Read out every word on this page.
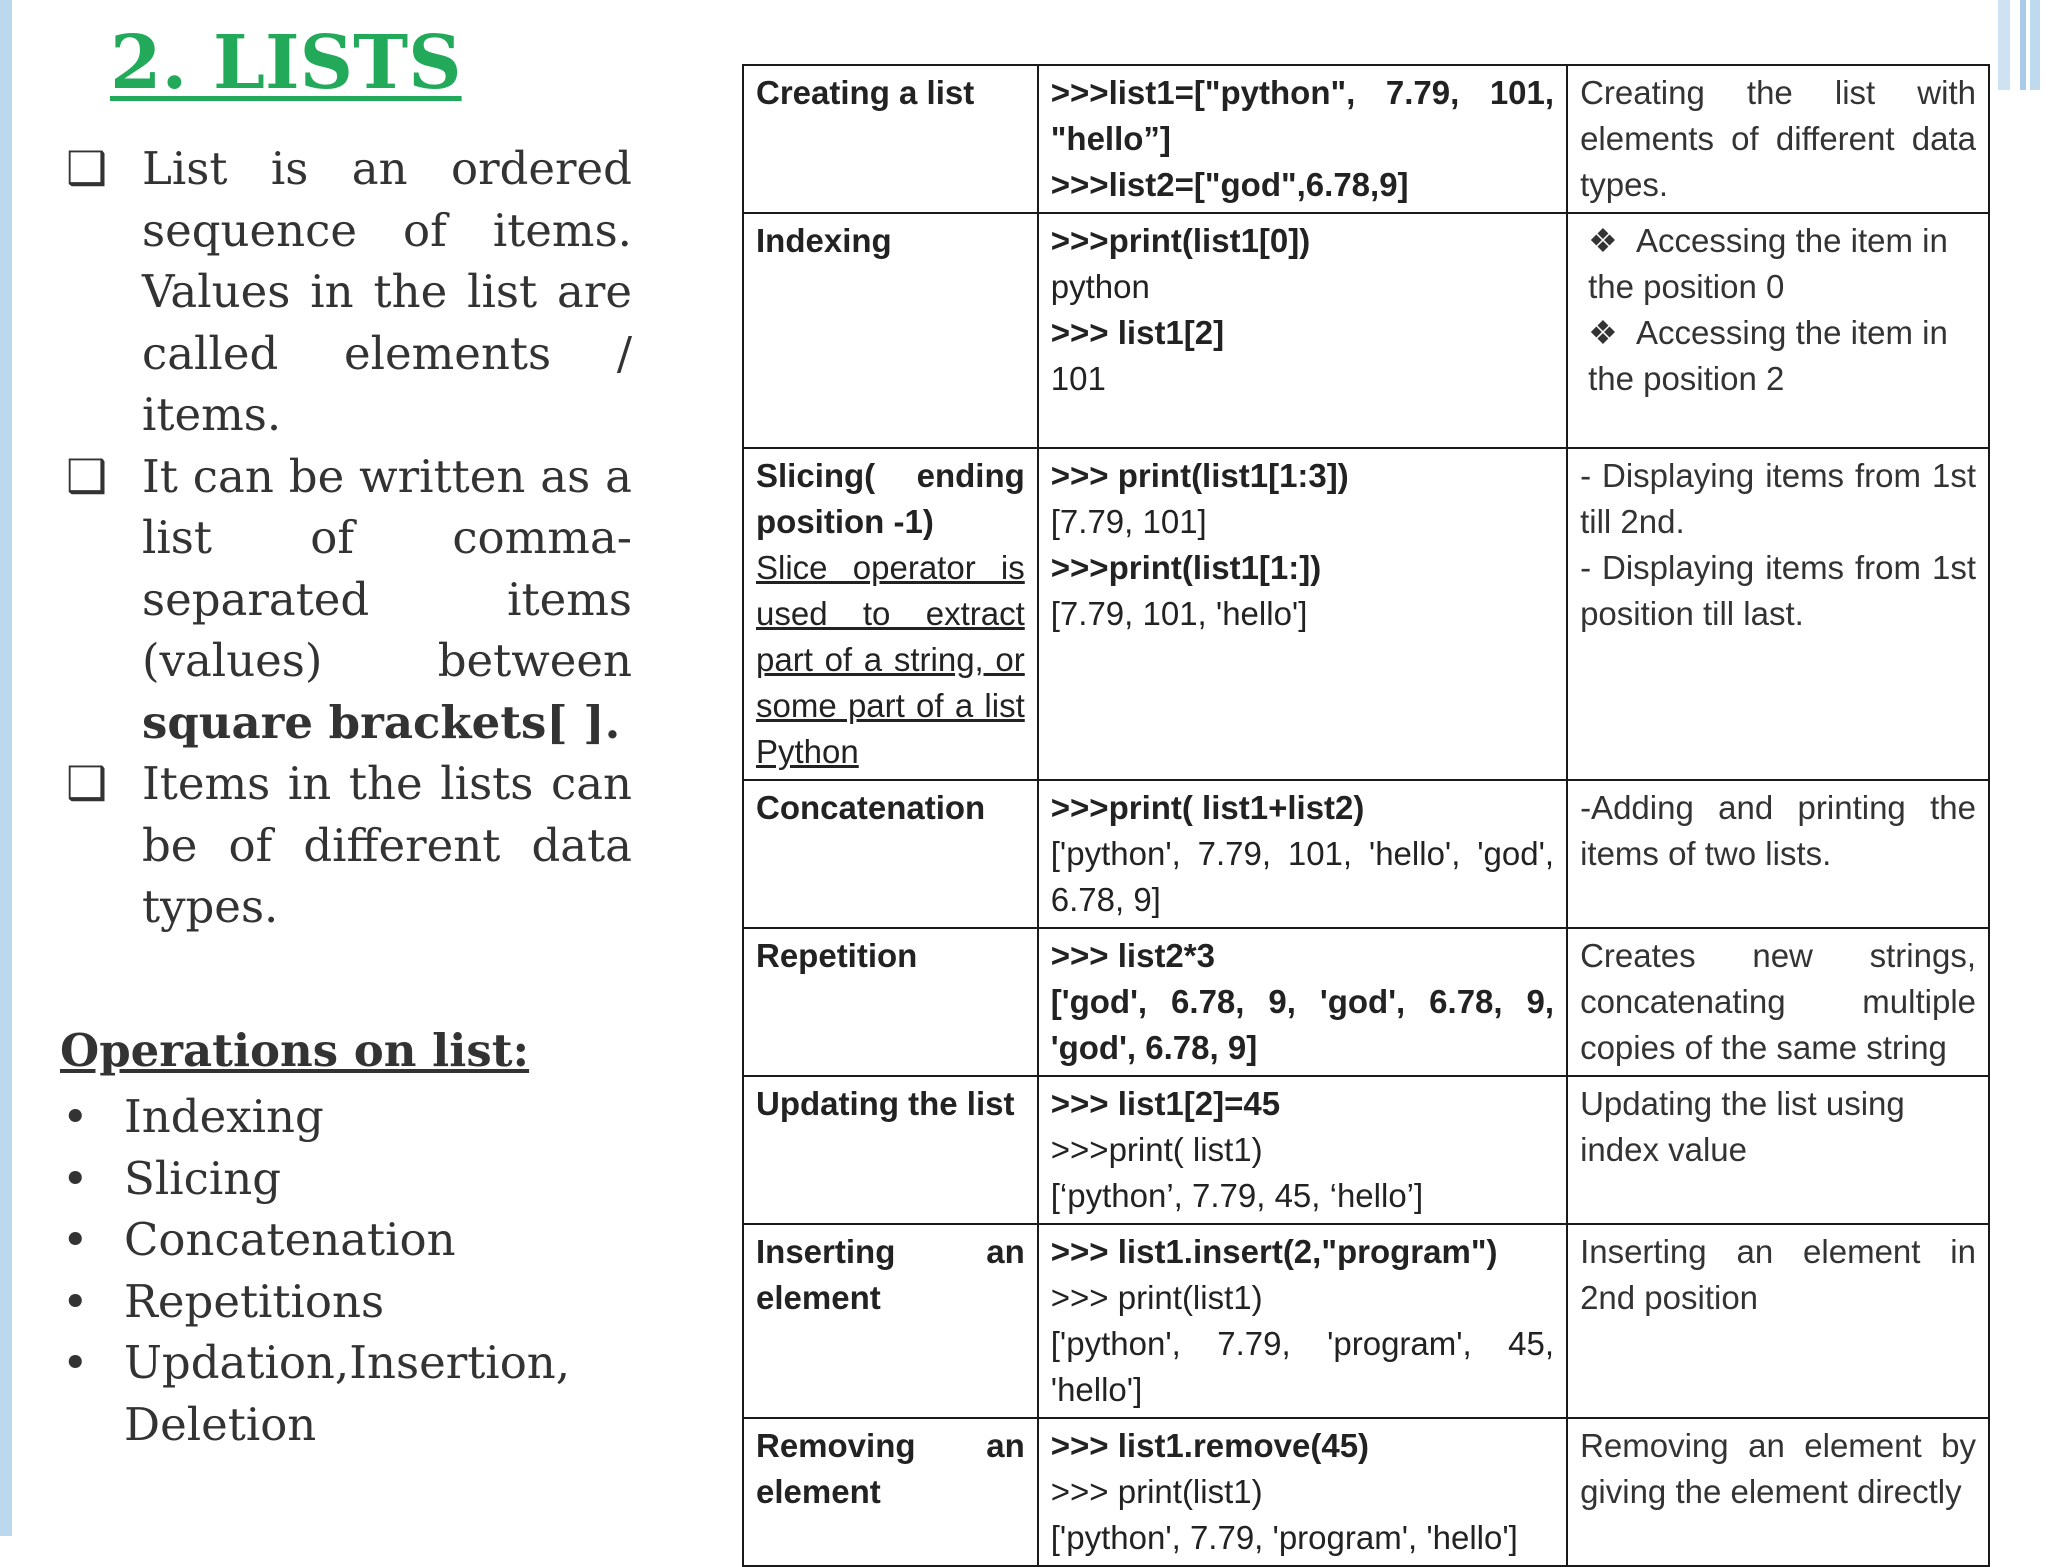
2. LISTS
❑ List is an ordered sequence of items. Values in the list are called elements / items.
❑ It can be written as a list of comma-separated items (values) between square brackets[ ].
❑ Items in the lists can be of different data types.
Operations on list:
• Indexing
• Slicing
• Concatenation
• Repetitions
• Updation,Insertion, Deletion
Creating a list	>>>list1=["python", 7.79, 101, "hello”]
>>>list2=["god",6.78,9]	Creating the list with elements of different data types.
Indexing	>>>print(list1[0])
python
>>> list1[2]
101	❖ Accessing the item in the position 0
❖ Accessing the item in the position 2

Slicing( ending position -1)
Slice operator is used to extract part of a string, or some part of a list Python	>>> print(list1[1:3])
[7.79, 101]
>>>print(list1[1:])
[7.79, 101, 'hello']	- Displaying items from 1st till 2nd.
- Displaying items from 1st position till last.

Concatenation	>>>print( list1+list2)
['python', 7.79, 101, 'hello', 'god', 6.78, 9]	-Adding and printing the items of two lists.
Repetition	>>> list2*3
['god', 6.78, 9, 'god', 6.78, 9, 'god', 6.78, 9]	Creates new strings, concatenating multiple copies of the same string
Updating the list	>>> list1[2]=45
>>>print( list1)
[‘python’, 7.79, 45, ‘hello’]	Updating the list using index value
Inserting an element	>>> list1.insert(2,"program")
>>> print(list1)
['python', 7.79, 'program', 45, 'hello']	Inserting an element in 2nd position
Removing an element	>>> list1.remove(45)
>>> print(list1)
['python', 7.79, 'program', 'hello']	Removing an element by giving the element directly
